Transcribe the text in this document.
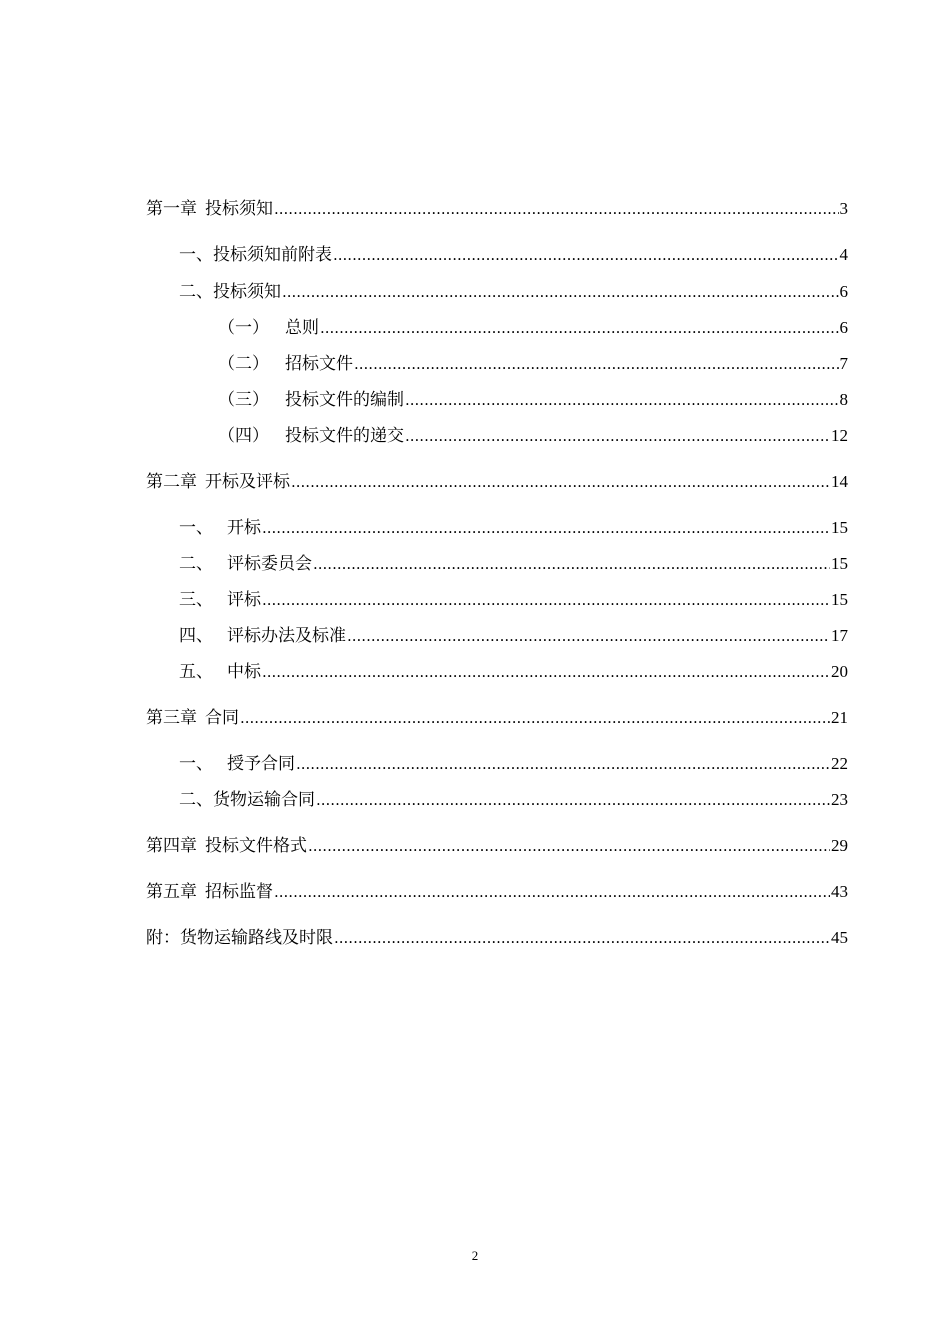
第一章 投标须知 .....	3
一、投标须知前附表 .....	4
二、投标须知 .....	6
（一） 总则 .....	6
（二） 招标文件 .....	7
（三） 投标文件的编制 .....	8
（四） 投标文件的递交 .....	12
第二章 开标及评标 .....	14
一、 开标 .....	15
二、 评标委员会 .....	15
三、 评标 .....	15
四、 评标办法及标准 .....	17
五、 中标 .....	20
第三章 合同 .....	21
一、 授予合同 .....	22
二、货物运输合同 .....	23
第四章 投标文件格式 .....	29
第五章 招标监督 .....	43
附：货物运输路线及时限 .....	45
2
